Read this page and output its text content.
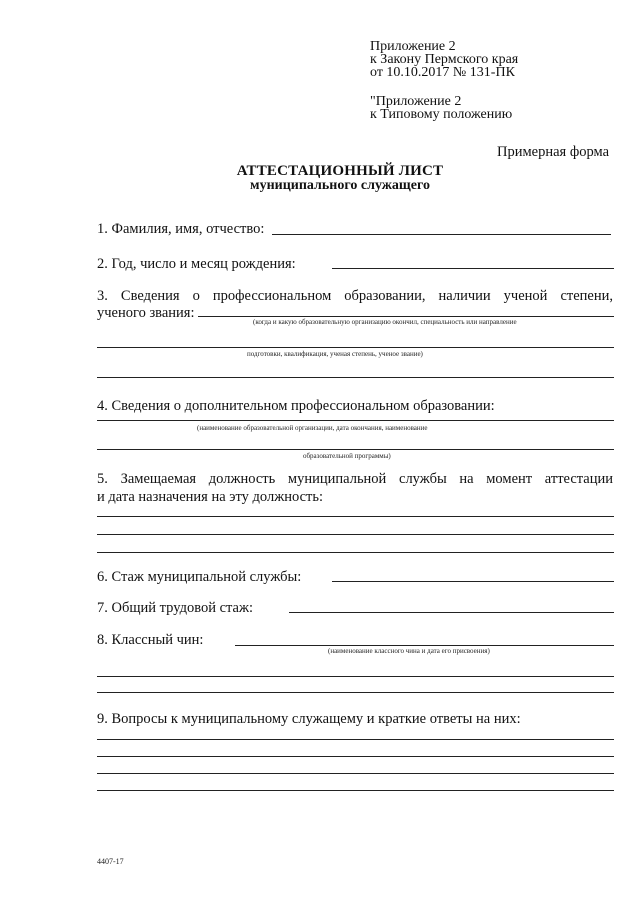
Приложение 2
к Закону Пермского края
от 10.10.2017 № 131-ПК
"Приложение 2
к Типовому положению
Примерная форма
АТТЕСТАЦИОННЫЙ ЛИСТ
муниципального служащего
1. Фамилия, имя, отчество:
2. Год, число и месяц рождения:
3. Сведения о профессиональном образовании, наличии ученой степени,
ученого звания:
(когда и какую образовательную организацию окончил, специальность или направление
подготовки, квалификация, ученая степень, ученое звание)
4. Сведения о дополнительном профессиональном образовании:
(наименование образовательной организации, дата окончания, наименование
образовательной программы)
5. Замещаемая должность муниципальной службы на момент аттестации
и дата назначения на эту должность:
6. Стаж муниципальной службы:
7. Общий трудовой стаж:
8. Классный чин:
(наименование классного чина и дата его присвоения)
9. Вопросы к муниципальному служащему и краткие ответы на них:
4407-17
